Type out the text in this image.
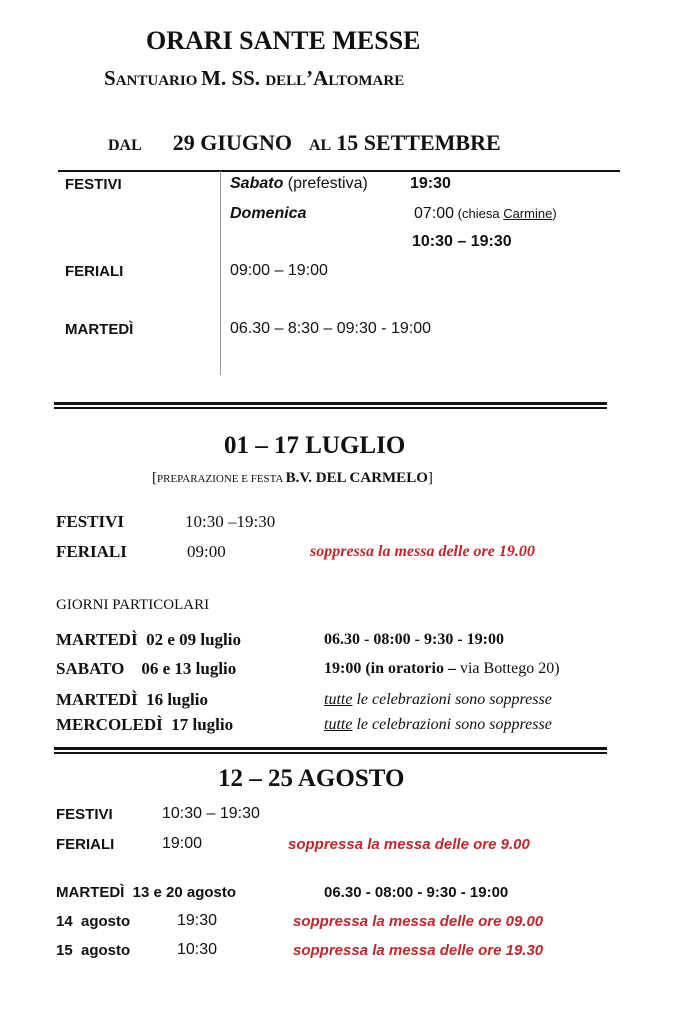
ORARI SANTE MESSE
SANTUARIO M. SS. DELL’ALTOMARE
DAL 29 GIUGNO AL 15 SETTEMBRE
FESTIVI	Sabato (prefestiva)	19:30
Domenica	07:00 (chiesa Carmine)
10:30 – 19:30
FERIALI	09:00 – 19:00
MARTEDÌ	06.30 – 8:30 – 09:30 - 19:00
01 – 17 LUGLIO
[PREPARAZIONE E FESTA B.V. DEL CARMELO]
FESTIVI	10:30 –19:30
FERIALI	09:00	soppressa la messa delle ore 19.00
GIORNI PARTICOLARI
MARTEDÌ  02 e 09 luglio	06.30 - 08:00 - 9:30 - 19:00
SABATO    06 e 13 luglio	19:00 (in oratorio – via Bottego 20)
MARTEDÌ  16 luglio	tutte le celebrazioni sono soppresse
MERCOLEDÌ  17 luglio	tutte le celebrazioni sono soppresse
12 – 25 AGOSTO
FESTIVI	10:30 – 19:30
FERIALI	19:00	soppressa la messa delle ore 9.00
MARTEDÌ  13 e 20 agosto	06.30 - 08:00 - 9:30 - 19:00
14  agosto	19:30	soppressa la messa delle ore 09.00
15  agosto	10:30	soppressa la messa delle ore 19.30
